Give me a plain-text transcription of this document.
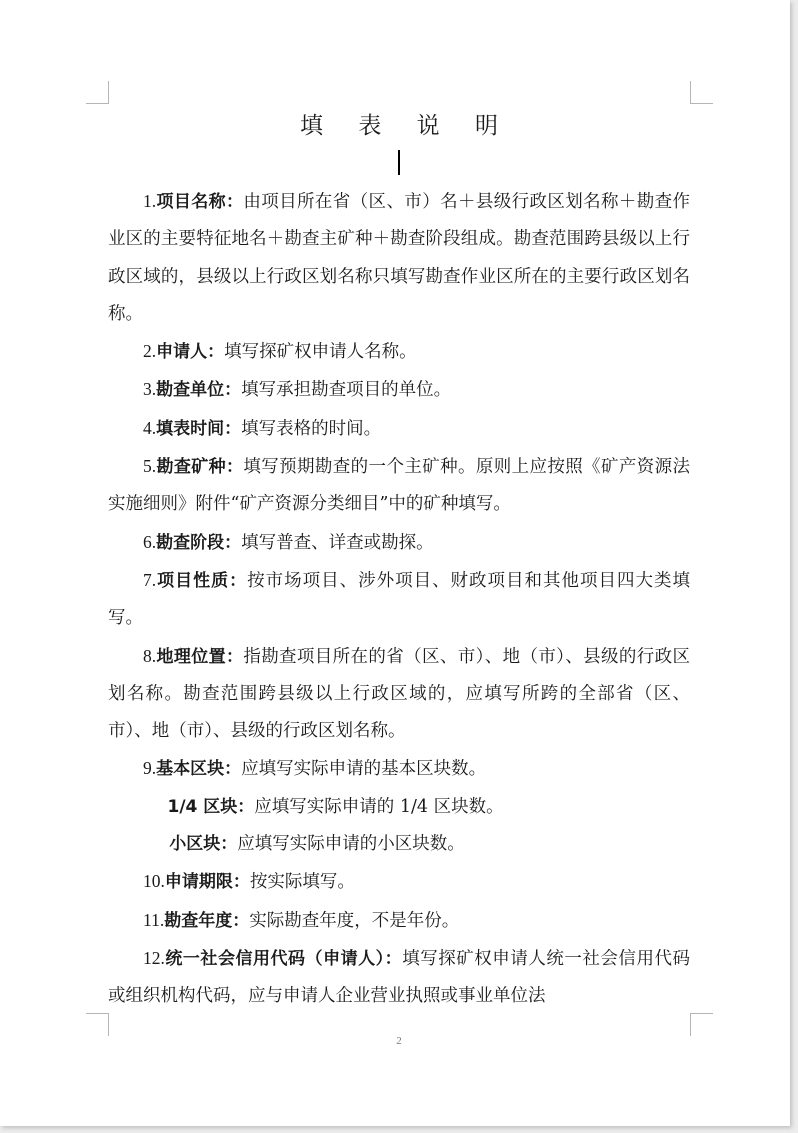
填 表 说 明

1.项目名称：由项目所在省（区、市）名＋县级行政区划名称＋勘查作业区的主要特征地名＋勘查主矿种＋勘查阶段组成。勘查范围跨县级以上行政区域的，县级以上行政区划名称只填写勘查作业区所在的主要行政区划名称。

2.申请人：填写探矿权申请人名称。

3.勘查单位：填写承担勘查项目的单位。

4.填表时间：填写表格的时间。

5.勘查矿种：填写预期勘查的一个主矿种。原则上应按照《矿产资源法实施细则》附件“矿产资源分类细目”中的矿种填写。

6.勘查阶段：填写普查、详查或勘探。

7.项目性质：按市场项目、涉外项目、财政项目和其他项目四大类填写。

8.地理位置：指勘查项目所在的省（区、市）、地（市）、县级的行政区划名称。勘查范围跨县级以上行政区域的，应填写所跨的全部省（区、市）、地（市）、县级的行政区划名称。

9.基本区块：应填写实际申请的基本区块数。

1/4 区块：应填写实际申请的 1/4 区块数。

小区块：应填写实际申请的小区块数。

10.申请期限：按实际填写。

11.勘查年度：实际勘查年度，不是年份。

12.统一社会信用代码（申请人）：填写探矿权申请人统一社会信用代码或组织机构代码，应与申请人企业营业执照或事业单位法

2
